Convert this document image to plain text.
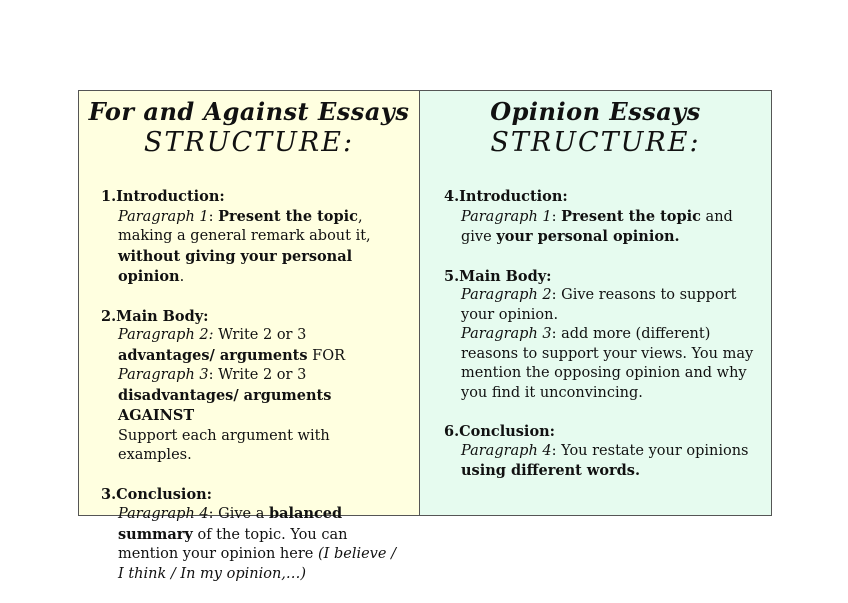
For and Against Essays

STRUCTURE:

1.Introduction:
Paragraph 1: Present the topic, making a general remark about it, without giving your personal opinion.
2.Main Body:
Paragraph 2: Write 2 or 3 advantages/ arguments FOR
Paragraph 3: Write 2 or 3 disadvantages/ arguments AGAINST
Support each argument with examples.
3.Conclusion:
Paragraph 4: Give a balanced summary of the topic. You can mention your opinion here (I believe / I think / In my opinion,…)

Opinion Essays

STRUCTURE:

4.Introduction:
Paragraph 1: Present the topic and give your personal opinion.
5.Main Body:
Paragraph 2: Give reasons to support your opinion.
Paragraph 3: add more (different) reasons to support your views. You may mention the opposing opinion and why you find it unconvincing.
6.Conclusion:
Paragraph 4: You restate your opinions using different words.
